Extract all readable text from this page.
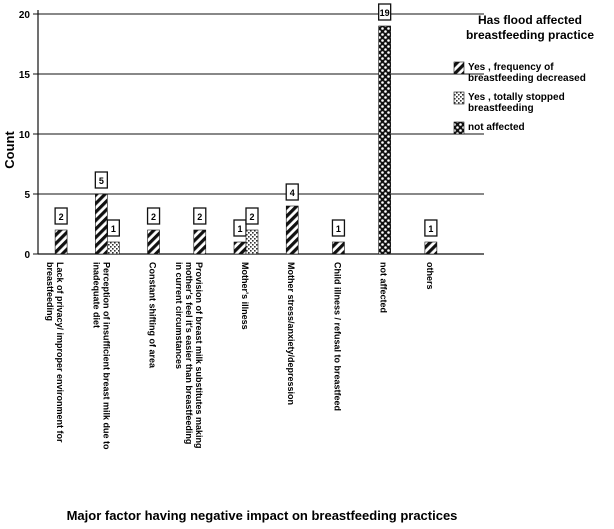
0
5
10
15
20
2
5
1
2	2
1
2
4
1
19
1
Lack of privacy/ improper environment forbreastfeeding	Perception of insufficient breast milk due toinadequate diet	Constant shifting of area	Provision of breast milk substitutes makingmother's feel it's easier than breastfeedingin current circumstances	Mother's illness	Mother stress/anxiety/depression	Child illness / refusal to breastfeed	not affected	others
Has flood affected breastfeeding practice
Yes , frequency of breastfeeding decreased
Yes , totally stopped breastfeeding
not affected
Count
Major factor having negative impact on breastfeeding practices
